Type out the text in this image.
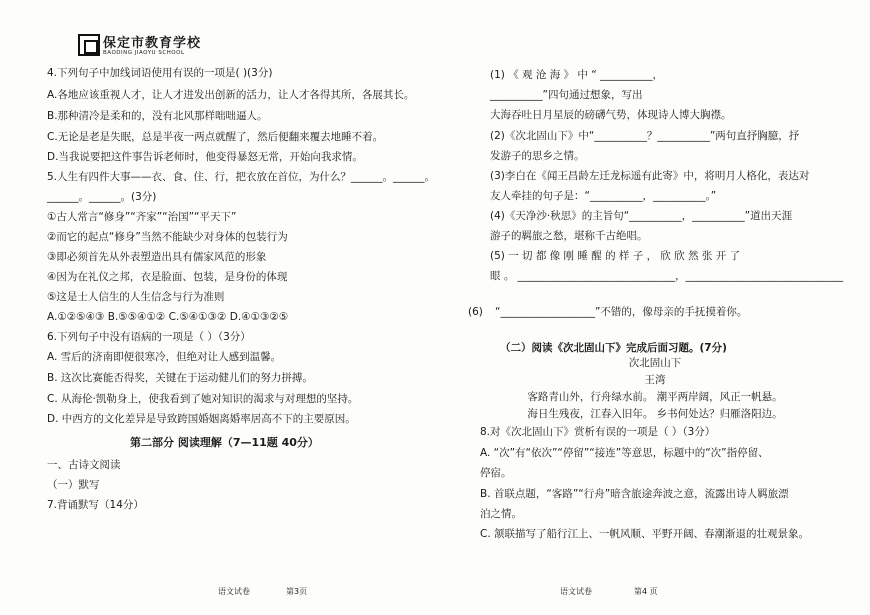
保定市教育学校
BAODING JIAOYU SCHOOL
4.下列句子中加线词语使用有误的一项是( )(3分)
A.各地应该重视人才，让人才进发出创新的活力，让人才各得其所，各展其长。
B.那种清冷是柔和的，没有北风那样咄咄逼人。
C.无论是老是失眠，总是半夜一两点就醒了，然后便翻来覆去地睡不着。
D.当我说要把这件事告诉老师时，他变得暴怒无常，开始向我求情。
5.人生有四件大事——衣、食、住、行，把衣放在首位，为什么？______。______。
______。______。(3分)
①古人常言“修身”“齐家”“治国”“平天下”
②而它的起点“修身”当然不能缺少对身体的包装行为
③即必须首先从外表塑造出具有儒家风范的形象
④因为在礼仪之邦，衣是脸面、包装，是身份的体现
⑤这是士人信生的人生信念与行为准则
A.①②⑤④③ B.⑤⑤④①② C.⑤④①③② D.④①③②⑤
6.下列句子中没有语病的一项是（ ）（3分）
A. 雪后的济南即便很寒冷，但绝对让人感到温馨。
B. 这次比赛能否得奖，关键在于运动健儿们的努力拼搏。
C. 从海伦·凯勒身上，使我看到了她对知识的渴求与对理想的坚持。
D. 中西方的文化差异是导致跨国婚姻离婚率居高不下的主要原因。
第二部分 阅读理解（7—11题 40分）
一、古诗文阅读
（一）默写
7.背诵默写（14分）
语文试卷	第3页
(1) 《 观 沧 海 》 中 “ __________，
__________”四句通过想象，写出
大海吞吐日月星辰的磅礴气势，体现诗人博大胸襟。
(2)《次北固山下》中“__________？__________”两句直抒胸臆，抒
发游子的思乡之情。
(3)李白在《闻王昌龄左迁龙标遥有此寄》中，将明月人格化，表达对
友人牵挂的句子是：“__________，__________。”
(4)《天净沙·秋思》的主旨句“__________，__________”道出天涯
游子的羁旅之愁，堪称千古绝唱。
(5) 一 切 都 像 刚 睡 醒 的 样 子 ， 欣 欣 然 张 开 了
眼 。 ______________________________，______________________________
(6) “__________________”不错的，像母亲的手抚摸着你。
（二）阅读《次北固山下》完成后面习题。(7分)
次北固山下
王湾
客路青山外，行舟绿水前。 潮平两岸阔，风正一帆悬。
海日生残夜，江春入旧年。 乡书何处达？归雁洛阳边。
8.对《次北固山下》赏析有误的一项是（ ）（3分）
A. “次”有“依次”“停留”“接连”等意思，标题中的“次”指停留、
停宿。
B. 首联点题，“客路”“行舟”暗含旅途奔波之意，流露出诗人羁旅漂
泊之情。
C. 颔联描写了船行江上、一帆风顺、平野开阔、春潮渐退的壮观景象。
语文试卷	第4 页
